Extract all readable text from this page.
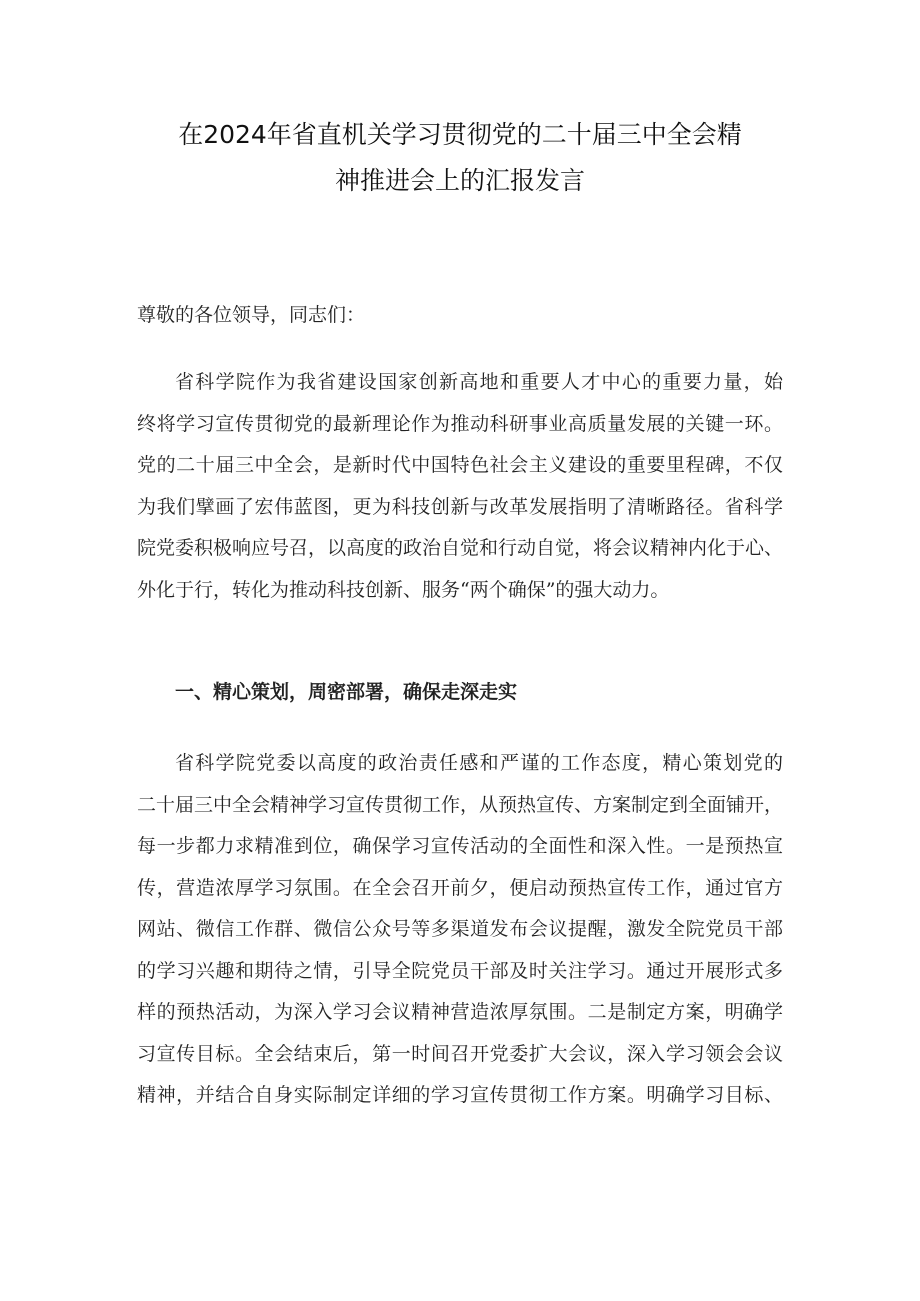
在2024年省直机关学习贯彻党的二十届三中全会精
神推进会上的汇报发言
尊敬的各位领导，同志们：
省科学院作为我省建设国家创新高地和重要人才中心的重要力量，始
终将学习宣传贯彻党的最新理论作为推动科研事业高质量发展的关键一环。
党的二十届三中全会，是新时代中国特色社会主义建设的重要里程碑，不仅
为我们擘画了宏伟蓝图，更为科技创新与改革发展指明了清晰路径。省科学
院党委积极响应号召，以高度的政治自觉和行动自觉，将会议精神内化于心、
外化于行，转化为推动科技创新、服务“两个确保”的强大动力。
一、精心策划，周密部署，确保走深走实
省科学院党委以高度的政治责任感和严谨的工作态度，精心策划党的
二十届三中全会精神学习宣传贯彻工作，从预热宣传、方案制定到全面铺开，
每一步都力求精准到位，确保学习宣传活动的全面性和深入性。一是预热宣
传，营造浓厚学习氛围。在全会召开前夕，便启动预热宣传工作，通过官方
网站、微信工作群、微信公众号等多渠道发布会议提醒，激发全院党员干部
的学习兴趣和期待之情，引导全院党员干部及时关注学习。通过开展形式多
样的预热活动，为深入学习会议精神营造浓厚氛围。二是制定方案，明确学
习宣传目标。全会结束后，第一时间召开党委扩大会议，深入学习领会会议
精神，并结合自身实际制定详细的学习宣传贯彻工作方案。明确学习目标、
